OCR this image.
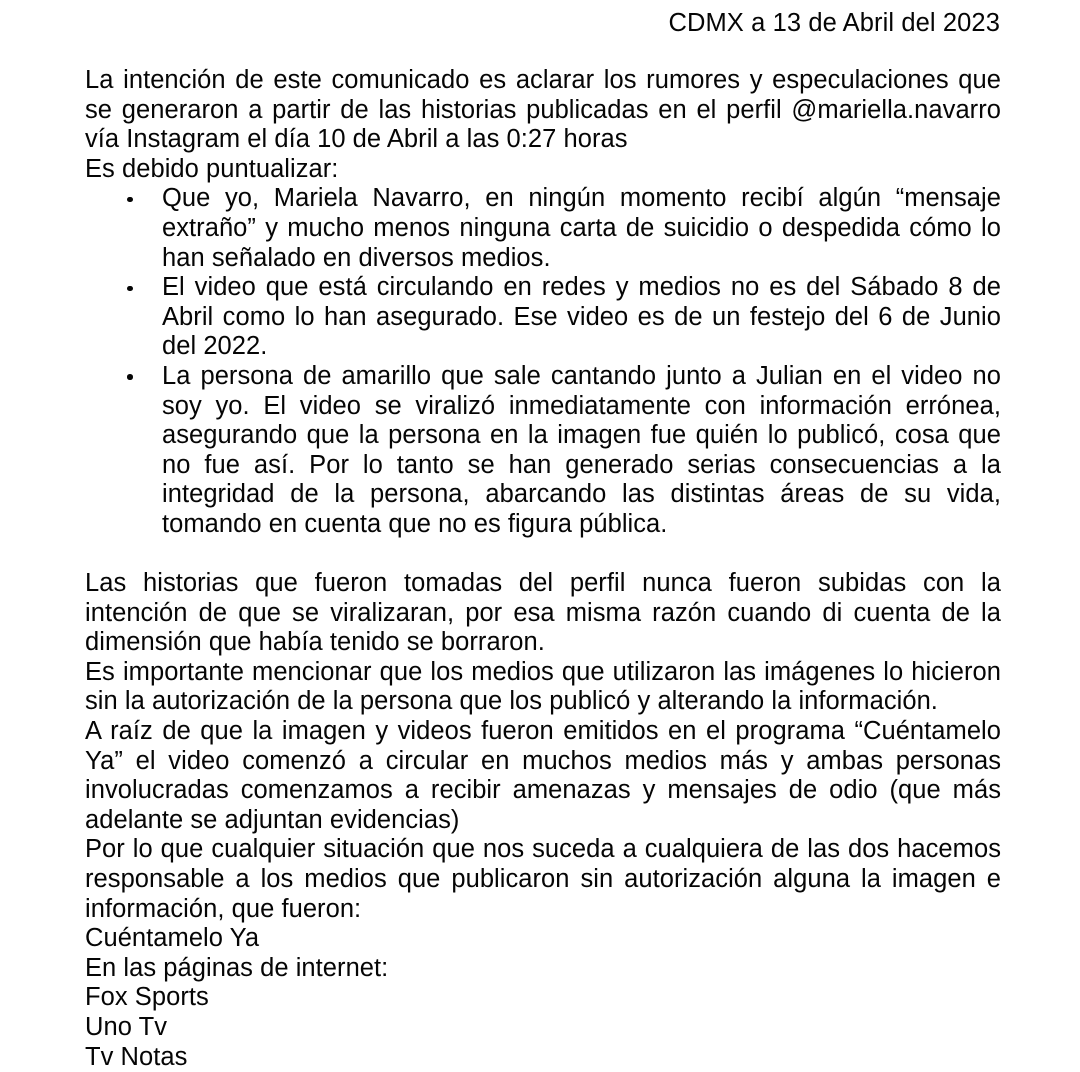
CDMX a 13 de Abril del 2023

La intención de este comunicado es aclarar los rumores y especulaciones que se generaron a partir de las historias publicadas en el perfil @mariella.navarro vía Instagram el día 10 de Abril a las 0:27 horas

Es debido puntualizar:

Que yo, Mariela Navarro, en ningún momento recibí algún “mensaje extraño” y mucho menos ninguna carta de suicidio o despedida cómo lo han señalado en diversos medios.
El video que está circulando en redes y medios no es del Sábado 8 de Abril como lo han asegurado. Ese video es de un festejo del 6 de Junio del 2022.
La persona de amarillo que sale cantando junto a Julian en el video no soy yo. El video se viralizó inmediatamente con información errónea, asegurando que la persona en la imagen fue quién lo publicó, cosa que no fue así. Por lo tanto se han generado serias consecuencias a la integridad de la persona, abarcando las distintas áreas de su vida, tomando en cuenta que no es figura pública.

Las historias que fueron tomadas del perfil nunca fueron subidas con la intención de que se viralizaran, por esa misma razón cuando di cuenta de la dimensión que había tenido se borraron.

Es importante mencionar que los medios que utilizaron las imágenes lo hicieron sin la autorización de la persona que los publicó y alterando la información.

A raíz de que la imagen y videos fueron emitidos en el programa “Cuéntamelo Ya” el video comenzó a circular en muchos medios más y ambas personas involucradas comenzamos a recibir amenazas y mensajes de odio (que más adelante se adjuntan evidencias)

Por lo que cualquier situación que nos suceda a cualquiera de las dos hacemos responsable a los medios que publicaron sin autorización alguna la imagen e información, que fueron:

Cuéntamelo Ya
En las páginas de internet:
Fox Sports
Uno Tv
Tv Notas
